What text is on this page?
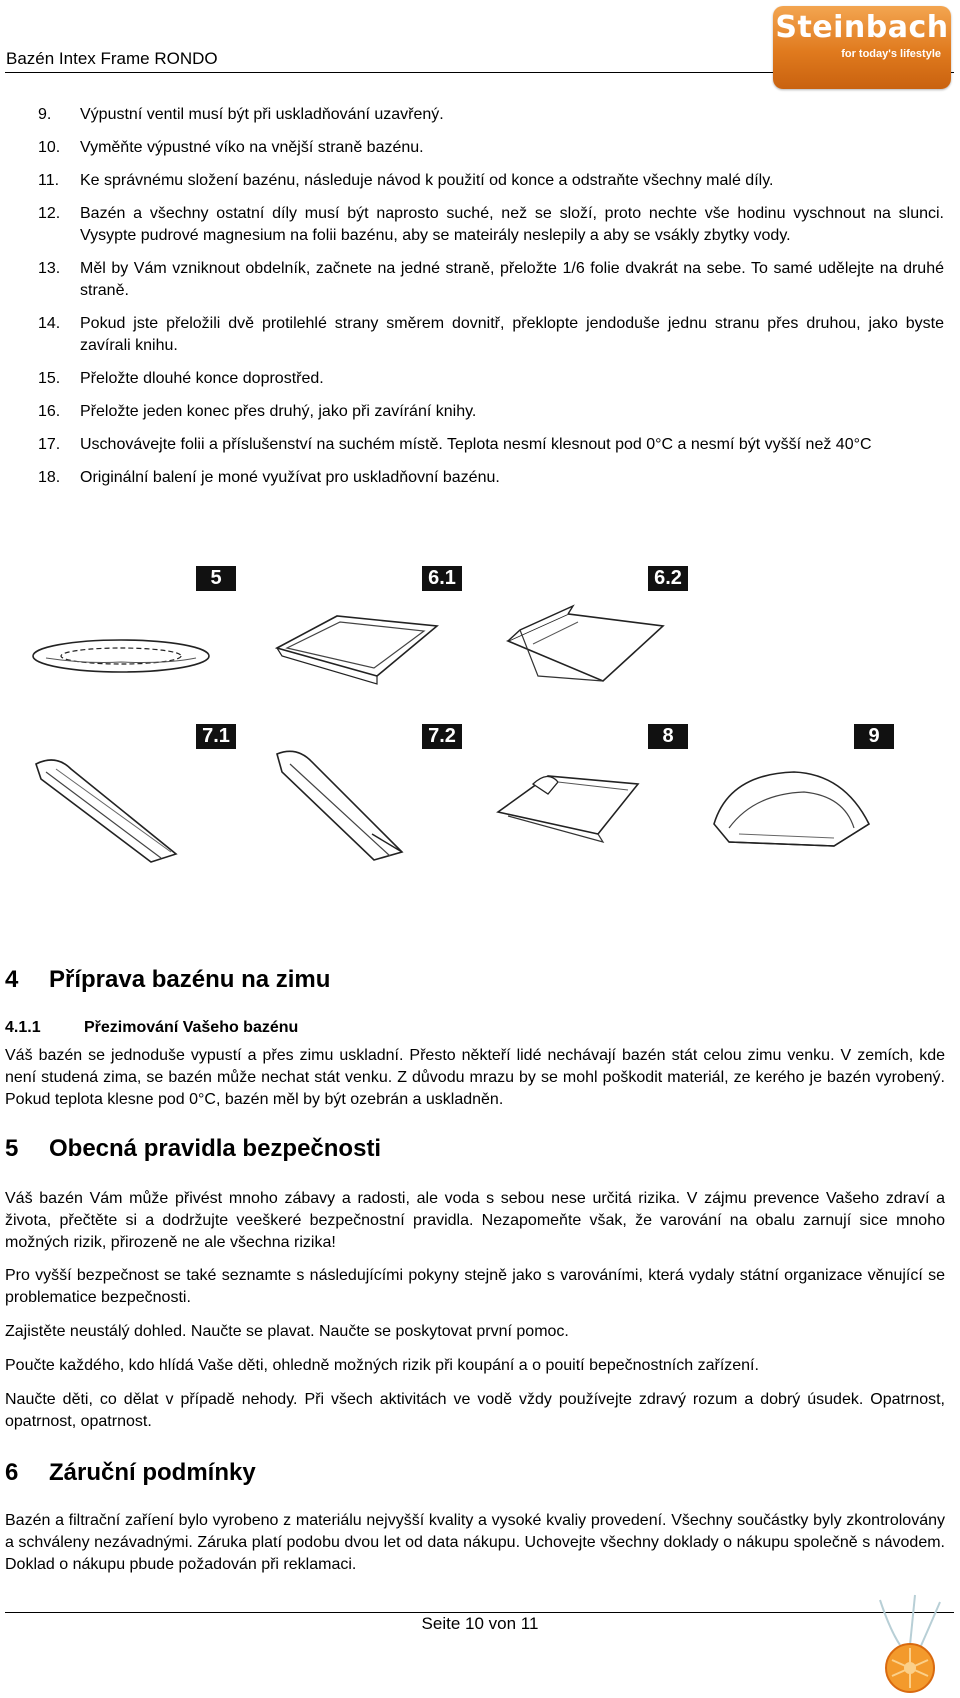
Bazén Intex Frame RONDO
Steinbach
for today's lifestyle
9. Výpustní ventil musí být při uskladňování uzavřený.
10. Vyměňte výpustné víko na vnější straně bazénu.
11. Ke správnému složení bazénu, následuje návod k použití od konce a odstraňte všechny malé díly.
12. Bazén a všechny ostatní díly musí být naprosto suché, než se složí, proto nechte vše hodinu vyschnout na slunci. Vysypte pudrové magnesium na folii bazénu, aby se mateirály neslepily a aby se vsákly zbytky vody.
13. Měl by Vám vzniknout obdelník, začnete na jedné straně, přeložte 1/6 folie dvakrát na sebe. To samé udělejte na druhé straně.
14. Pokud jste přeložili dvě protilehlé strany směrem dovnitř, překlopte jendoduše jednu stranu přes druhou, jako byste zavírali knihu.
15. Přeložte dlouhé konce doprostřed.
16. Přeložte jeden konec přes druhý, jako při zavírání knihy.
17. Uschovávejte folii a příslušenství na suchém místě. Teplota nesmí klesnout pod 0°C a nesmí být vyšší než 40°C
18. Originální balení je moné využívat pro uskladňovní bazénu.
5	6.1	6.2
7.1	7.2	8	9
4 Příprava bazénu na zimu
4.1.1	Přezimování Vašeho bazénu

Váš bazén se jednoduše vypustí a přes zimu uskladní. Přesto někteří lidé nechávají bazén stát celou zimu venku. V zemích, kde není studená zima, se bazén může nechat stát venku. Z důvodu mrazu by se mohl poškodit materiál, ze kerého je bazén vyrobený. Pokud teplota klesne pod 0°C, bazén měl by být ozebrán a uskladněn.

5 Obecná pravidla bezpečnosti

Váš bazén Vám může přivést mnoho zábavy a radosti, ale voda s sebou nese určitá rizika. V zájmu prevence Vašeho zdraví a života, přečtěte si a dodržujte veeškeré bezpečnostní pravidla. Nezapomeňte však, že varování na obalu zarnují sice mnoho možných rizik, přirozeně ne ale všechna rizika!

Pro vyšší bezpečnost se také seznamte s následujícími pokyny stejně jako s varováními, která vydaly státní organizace věnující se problematice bezpečnosti.

Zajistěte neustálý dohled. Naučte se plavat. Naučte se poskytovat první pomoc.

Poučte každého, kdo hlídá Vaše děti, ohledně možných rizik při koupání a o pouití bepečnostních zařízení.

Naučte děti, co dělat v případě nehody. Při všech aktivitách ve vodě vždy používejte zdravý rozum a dobrý úsudek. Opatrnost, opatrnost, opatrnost.

6 Záruční podmínky

Bazén a filtrační zaříení bylo vyrobeno z materiálu nejvyšší kvality a vysoké kvaliy provedení. Všechny součástky byly zkontrolovány a schváleny nezávadnými. Záruka platí podobu dvou let od data nákupu. Uchovejte všechny doklady o nákupu společně s návodem. Doklad o nákupu pbude požadován při reklamaci.

Seite 10 von 11
